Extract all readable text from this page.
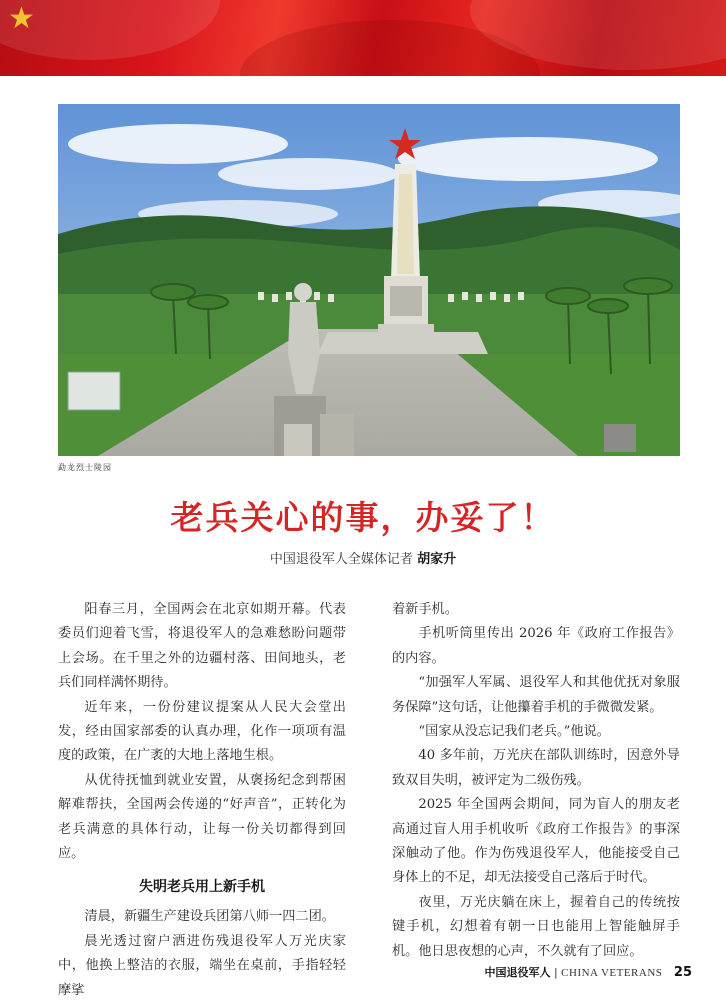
★
勐龙烈士陵园
老兵关心的事，办妥了！
中国退役军人全媒体记者 胡家升

阳春三月，全国两会在北京如期开幕。代表委员们迎着飞雪，将退役军人的急难愁盼问题带上会场。在千里之外的边疆村落、田间地头，老兵们同样满怀期待。

近年来，一份份建议提案从人民大会堂出发，经由国家部委的认真办理，化作一项项有温度的政策，在广袤的大地上落地生根。

从优待抚恤到就业安置，从褒扬纪念到帮困解难帮扶，全国两会传递的“好声音”，正转化为老兵满意的具体行动，让每一份关切都得到回应。

失明老兵用上新手机

清晨，新疆生产建设兵团第八师一四二团。

晨光透过窗户洒进伤残退役军人万光庆家中，他换上整洁的衣服，端坐在桌前，手指轻轻摩挲

着新手机。

手机听筒里传出 2026 年《政府工作报告》的内容。

“加强军人军属、退役军人和其他优抚对象服务保障”这句话，让他攥着手机的手微微发紧。

“国家从没忘记我们老兵。”他说。

40 多年前，万光庆在部队训练时，因意外导致双目失明，被评定为二级伤残。

2025 年全国两会期间，同为盲人的朋友老高通过盲人用手机收听《政府工作报告》的事深深触动了他。作为伤残退役军人，他能接受自己身体上的不足，却无法接受自己落后于时代。

夜里，万光庆躺在床上，握着自己的传统按键手机，幻想着有朝一日也能用上智能触屏手机。他日思夜想的心声，不久就有了回应。

中国退役军人 | CHINA VETERANS 25
